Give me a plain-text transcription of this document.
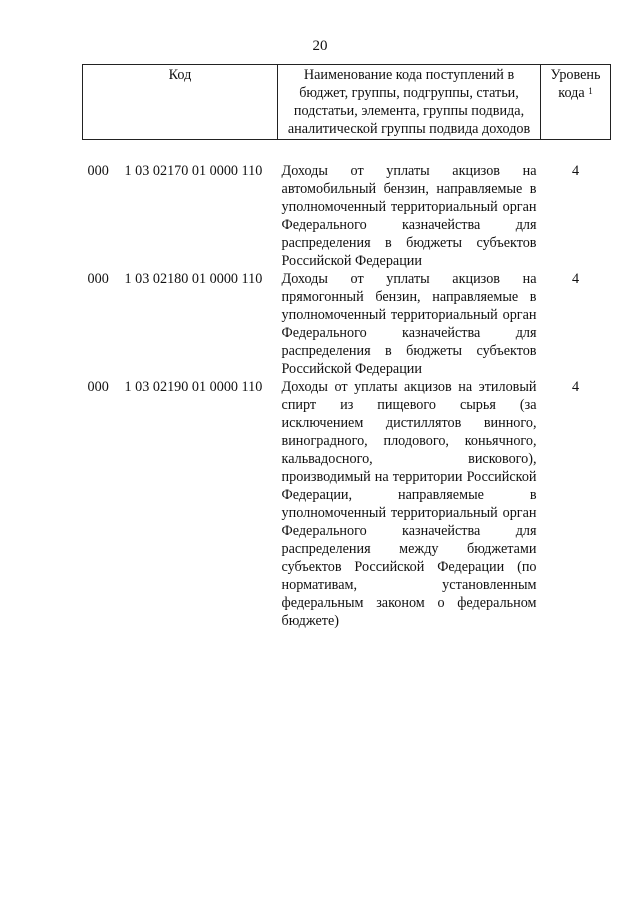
20
Код		Наименование кода поступлений в бюджет, группы, подгруппы, статьи, подстатьи, элемента, группы подвида, аналитической группы подвида доходов	Уровень кода $^1$

000	1 03 02170 01 0000 110	Доходы от уплаты акцизов на автомобильный бензин, направляемые в уполномоченный территориальный орган Федерального казначейства для распределения в бюджеты субъектов Российской Федерации	4
000	1 03 02180 01 0000 110	Доходы от уплаты акцизов на прямогонный бензин, направляемые в уполномоченный территориальный орган Федерального казначейства для распределения в бюджеты субъектов Российской Федерации	4
000	1 03 02190 01 0000 110	Доходы от уплаты акцизов на этиловый спирт из пищевого сырья (за исключением дистиллятов винного, виноградного, плодового, коньячного, кальвадосного, вискового), производимый на территории Российской Федерации, направляемые в уполномоченный территориальный орган Федерального казначейства для распределения между бюджетами субъектов Российской Федерации (по нормативам, установленным федеральным законом о федеральном бюджете)	4
